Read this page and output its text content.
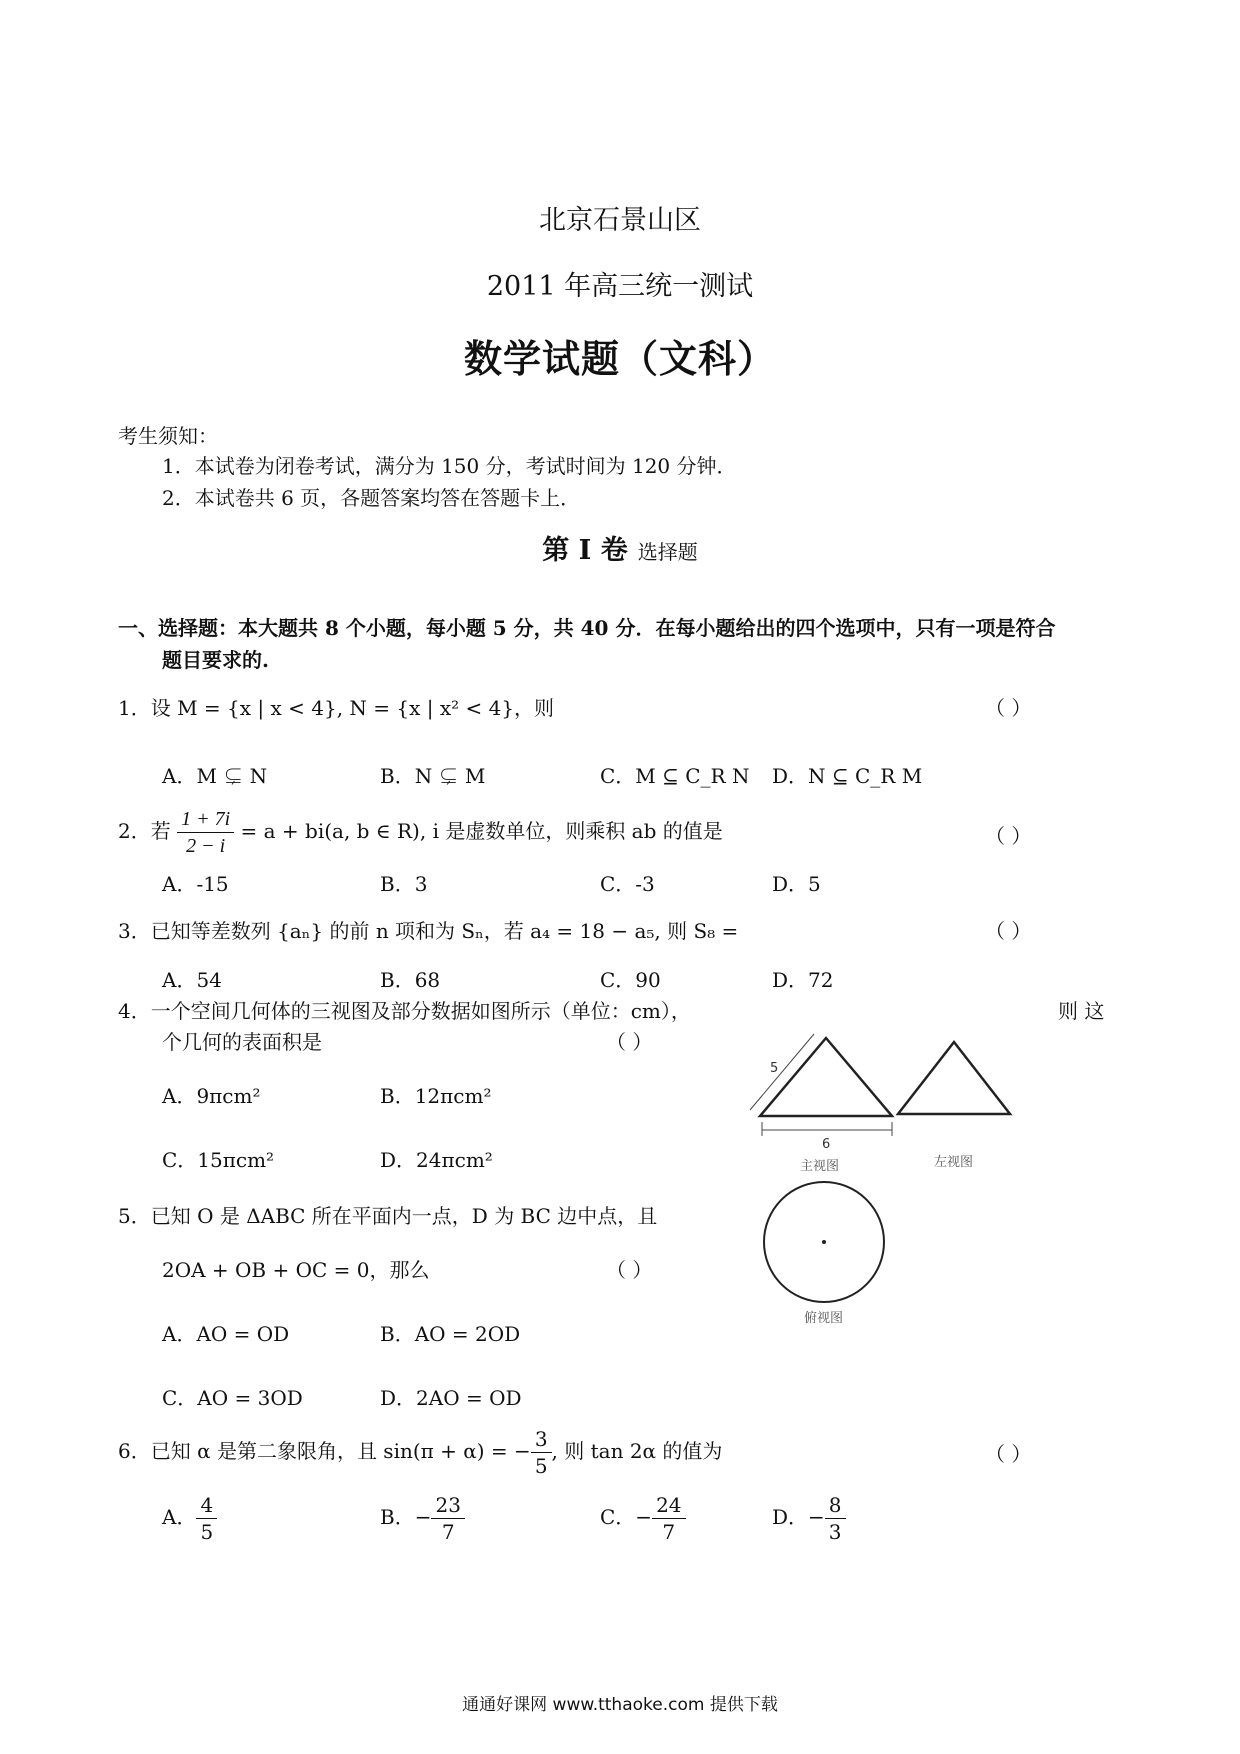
北京石景山区
2011 年高三统一测试
数学试题（文科）
考生须知：
1．本试卷为闭卷考试，满分为 150 分，考试时间为 120 分钟．
2．本试卷共 6 页，各题答案均答在答题卡上．
第 I 卷 选择题
一、选择题：本大题共 8 个小题，每小题 5 分，共 40 分．在每小题给出的四个选项中，只有一项是符合
题目要求的.
1．设 M = {x | x < 4}, N = {x | x² < 4}，则	（ ）
A．M ⊊ N	B．N ⊊ M	C．M ⊆ C_R N D．N ⊆ C_R M
2．若 $\frac{1 + 7i}{2 - i} = a + bi(a$, b ∈ R), i 是虚数单位，则乘积 ab 的值是	（ ）
A．-15	B．3	C．-3	D．5
3．已知等差数列 {aₙ} 的前 n 项和为 Sₙ，若 a₄ = 18 − a₅, 则 S₈ =	（ ）
A．54	B．68	C．90	D．72
4．一个空间几何体的三视图及部分数据如图所示（单位：cm），	则 这
个几何的表面积是	（ ）
A．9πcm²	B．12πcm²
C．15πcm²	D．24πcm²
5
6
主视图	左视图
俯视图
5．已知 O 是 ΔABC 所在平面内一点，D 为 BC 边中点，且
2OA + OB + OC = 0，那么	（ ）
A．AO = OD	B．AO = 2OD
C．AO = 3OD	D．2AO = OD
6．已知 α 是第二象限角，且 sin(π + α) = − $\frac{3}{5}$ , 则 tan 2α 的值为	（ ）
A． $\frac{4}{5}$	B．− $\frac{23}{7}$	C．− $\frac{24}{7}$	D．− $\frac{8}{3}$
通通好课网 www.tthaoke.com 提供下载
